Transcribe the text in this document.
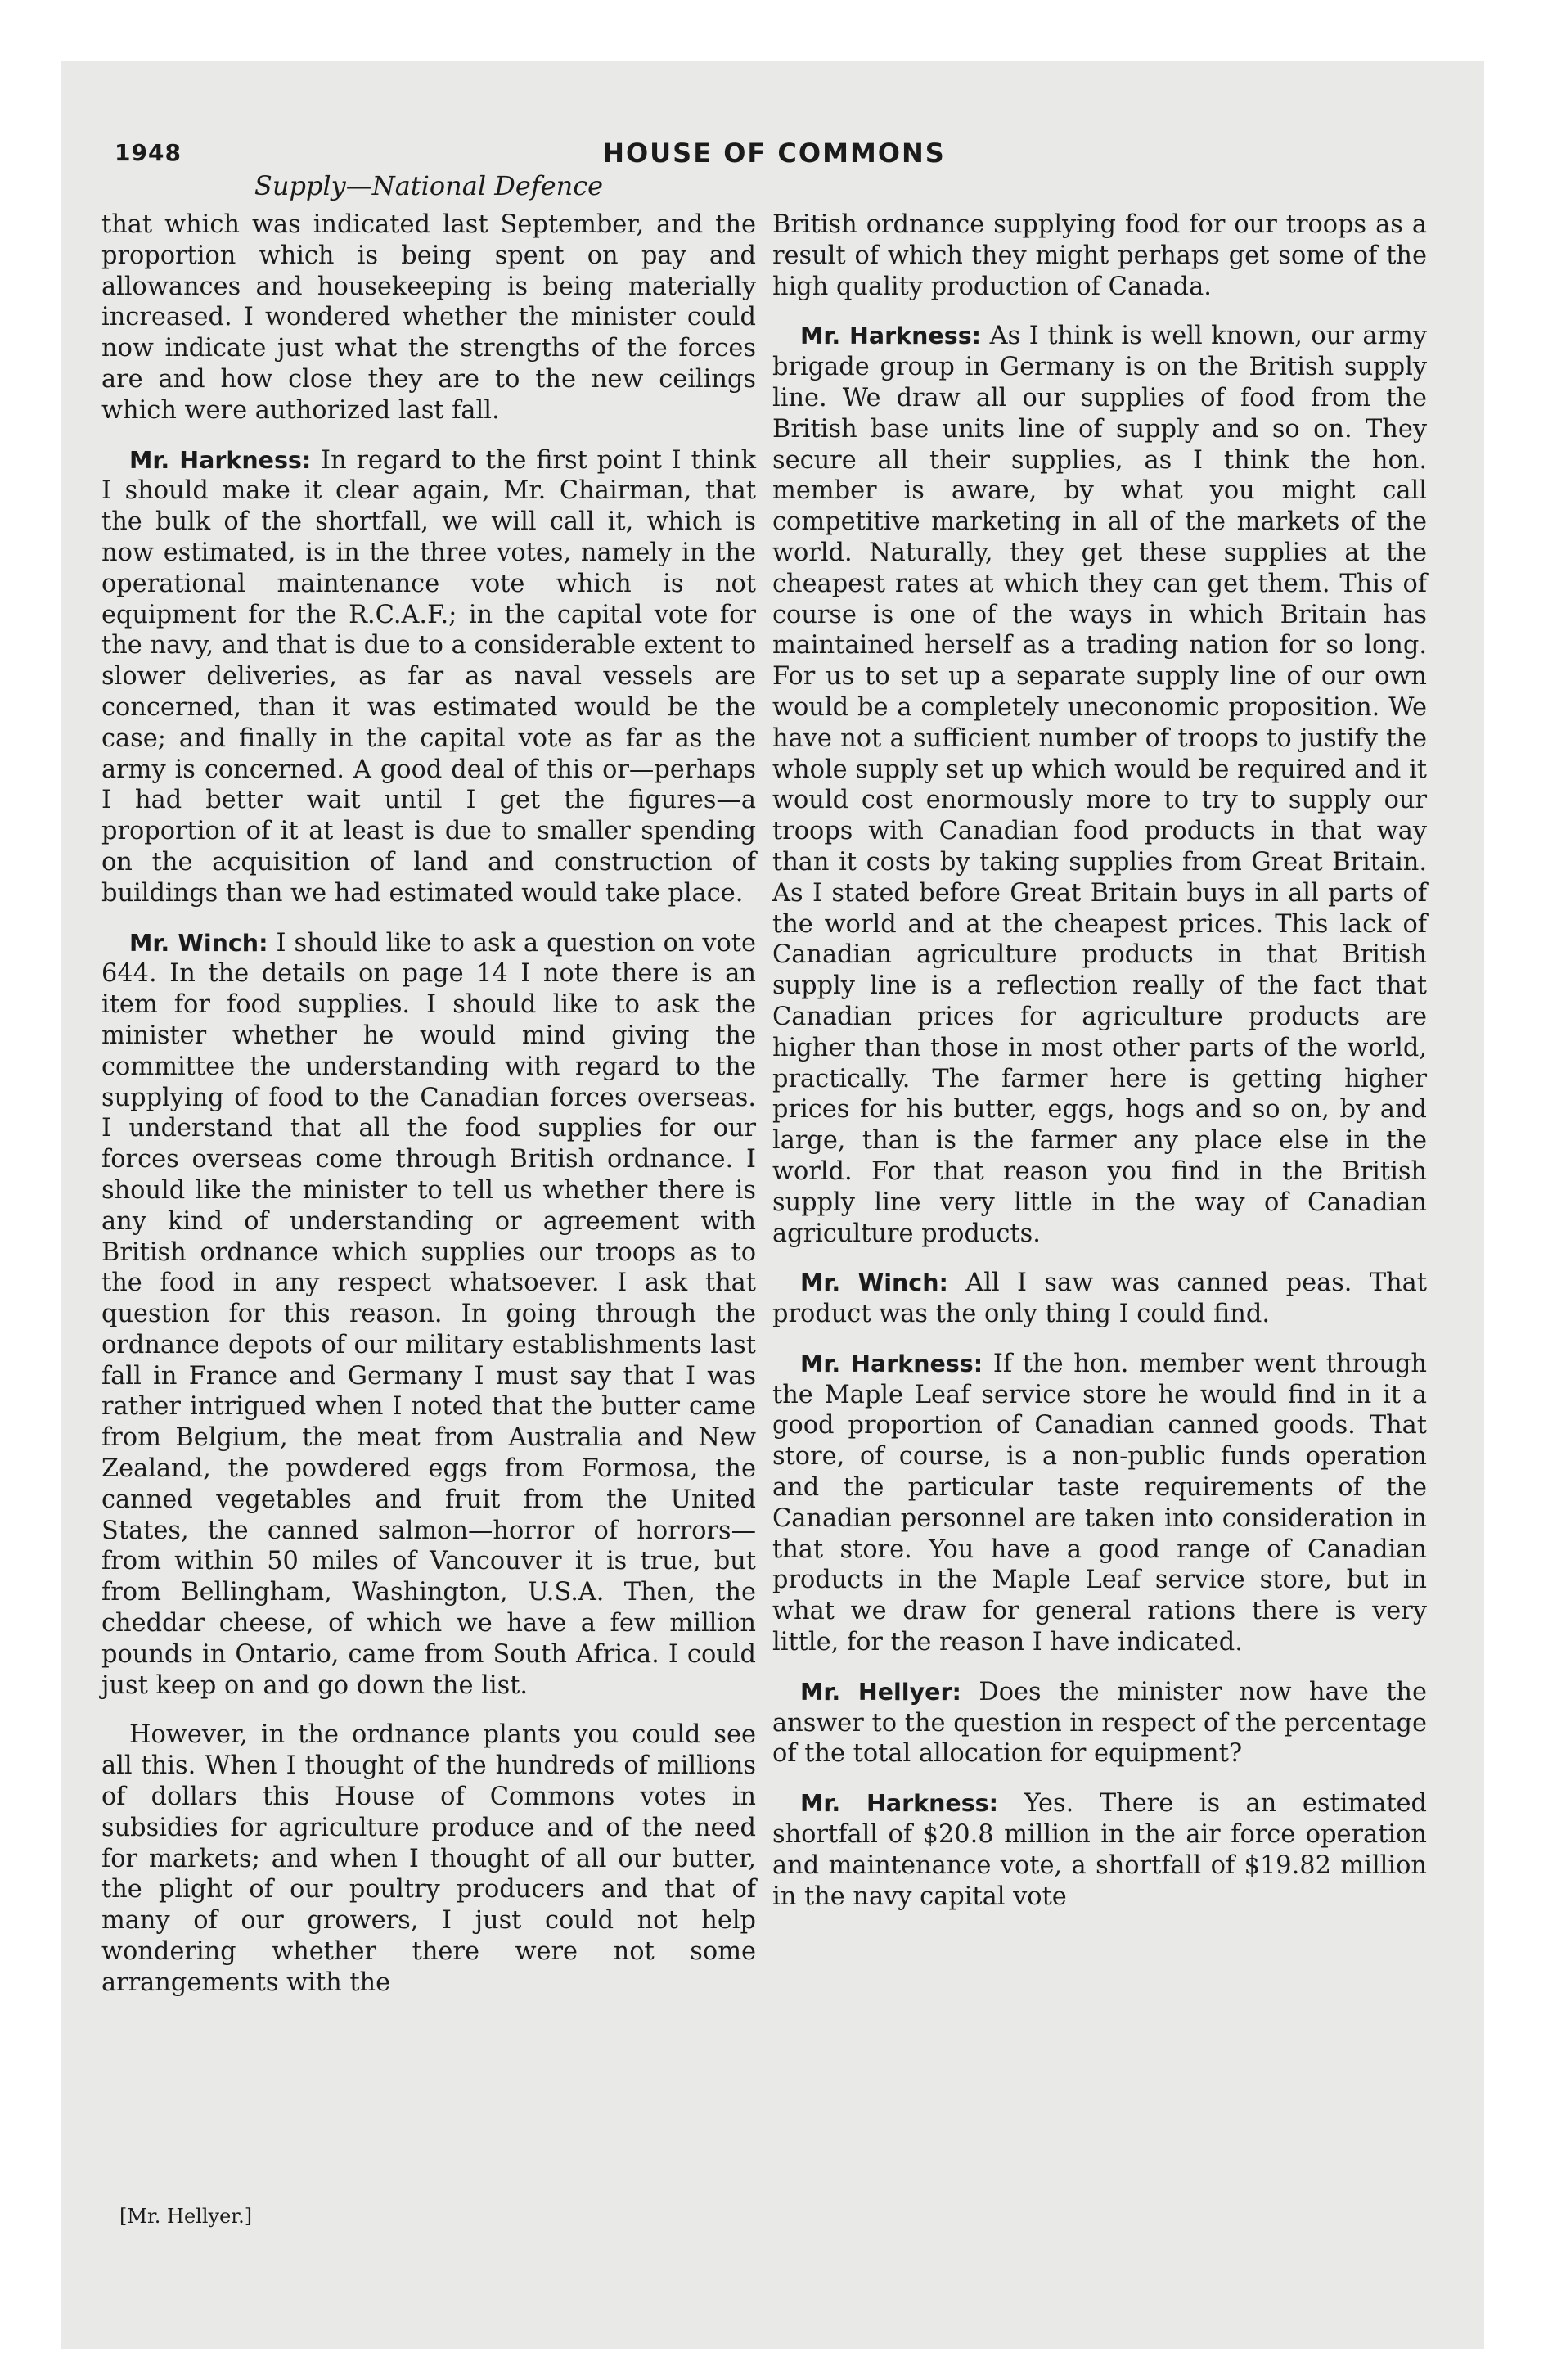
1948	HOUSE OF COMMONS
Supply—National Defence

that which was indicated last September, and the proportion which is being spent on pay and allowances and housekeeping is being materially increased. I wondered whether the minister could now indicate just what the strengths of the forces are and how close they are to the new ceilings which were authorized last fall.

Mr. Harkness: In regard to the first point I think I should make it clear again, Mr. Chairman, that the bulk of the shortfall, we will call it, which is now estimated, is in the three votes, namely in the operational maintenance vote which is not equipment for the R.C.A.F.; in the capital vote for the navy, and that is due to a considerable extent to slower deliveries, as far as naval vessels are concerned, than it was estimated would be the case; and finally in the capital vote as far as the army is concerned. A good deal of this or—perhaps I had better wait until I get the figures—a proportion of it at least is due to smaller spending on the acquisition of land and construction of buildings than we had estimated would take place.

Mr. Winch: I should like to ask a question on vote 644. In the details on page 14 I note there is an item for food supplies. I should like to ask the minister whether he would mind giving the committee the understanding with regard to the supplying of food to the Canadian forces overseas. I understand that all the food supplies for our forces overseas come through British ordnance. I should like the minister to tell us whether there is any kind of understanding or agreement with British ordnance which supplies our troops as to the food in any respect whatsoever. I ask that question for this reason. In going through the ordnance depots of our military establishments last fall in France and Germany I must say that I was rather intrigued when I noted that the butter came from Belgium, the meat from Australia and New Zealand, the powdered eggs from Formosa, the canned vegetables and fruit from the United States, the canned salmon—horror of horrors—from within 50 miles of Vancouver it is true, but from Bellingham, Washington, U.S.A. Then, the cheddar cheese, of which we have a few million pounds in Ontario, came from South Africa. I could just keep on and go down the list.

However, in the ordnance plants you could see all this. When I thought of the hundreds of millions of dollars this House of Commons votes in subsidies for agriculture produce and of the need for markets; and when I thought of all our butter, the plight of our poultry producers and that of many of our growers, I just could not help wondering whether there were not some arrangements with the

British ordnance supplying food for our troops as a result of which they might perhaps get some of the high quality production of Canada.

Mr. Harkness: As I think is well known, our army brigade group in Germany is on the British supply line. We draw all our supplies of food from the British base units line of supply and so on. They secure all their supplies, as I think the hon. member is aware, by what you might call competitive marketing in all of the markets of the world. Naturally, they get these supplies at the cheapest rates at which they can get them. This of course is one of the ways in which Britain has maintained herself as a trading nation for so long. For us to set up a separate supply line of our own would be a completely uneconomic proposition. We have not a sufficient number of troops to justify the whole supply set up which would be required and it would cost enormously more to try to supply our troops with Canadian food products in that way than it costs by taking supplies from Great Britain. As I stated before Great Britain buys in all parts of the world and at the cheapest prices. This lack of Canadian agriculture products in that British supply line is a reflection really of the fact that Canadian prices for agriculture products are higher than those in most other parts of the world, practically. The farmer here is getting higher prices for his butter, eggs, hogs and so on, by and large, than is the farmer any place else in the world. For that reason you find in the British supply line very little in the way of Canadian agriculture products.

Mr. Winch: All I saw was canned peas. That product was the only thing I could find.

Mr. Harkness: If the hon. member went through the Maple Leaf service store he would find in it a good proportion of Canadian canned goods. That store, of course, is a non-public funds operation and the particular taste requirements of the Canadian personnel are taken into consideration in that store. You have a good range of Canadian products in the Maple Leaf service store, but in what we draw for general rations there is very little, for the reason I have indicated.

Mr. Hellyer: Does the minister now have the answer to the question in respect of the percentage of the total allocation for equipment?

Mr. Harkness: Yes. There is an estimated shortfall of $20.8 million in the air force operation and maintenance vote, a shortfall of $19.82 million in the navy capital vote

[Mr. Hellyer.]
